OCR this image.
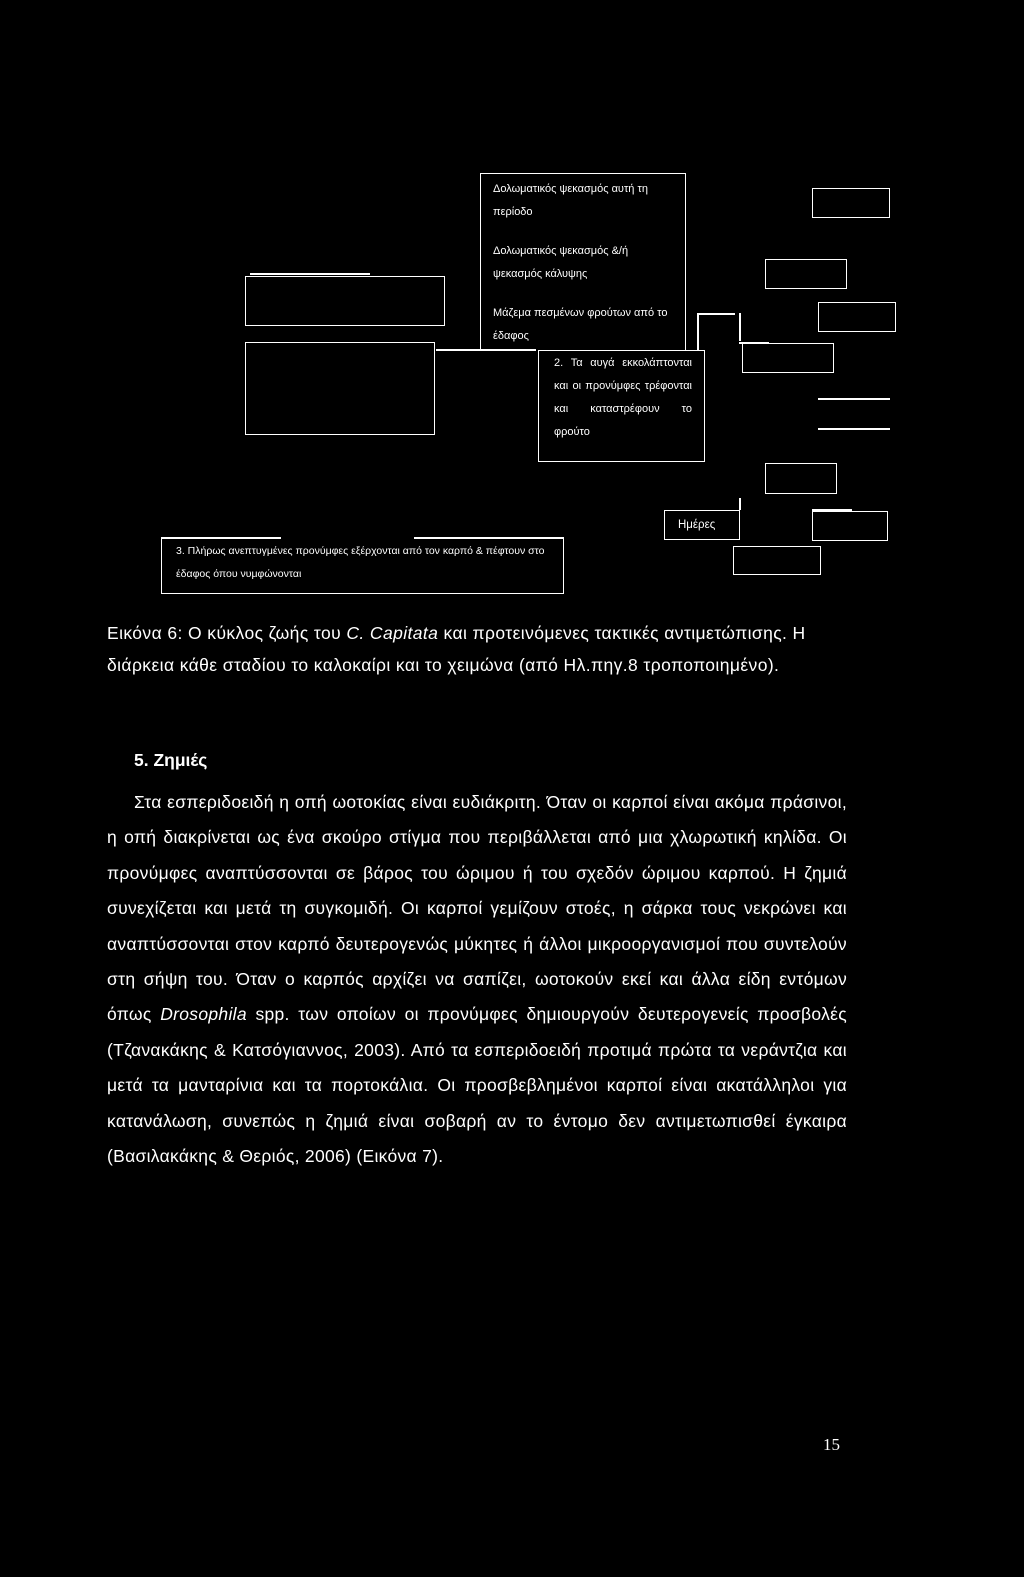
Δολωματικός ψεκασμός αυτή τη περίοδο
Δολωματικός ψεκασμός &/ή ψεκασμός κάλυψης
Μάζεμα πεσμένων φρούτων από το έδαφος
2. Τα αυγά εκκολάπτονται και οι προνύμφες τρέφονται και καταστρέφουν το φρούτο
3. Πλήρως ανεπτυγμένες προνύμφες εξέρχονται από τον καρπό & πέφτουν στο έδαφος όπου νυμφώνονται
Ημέρες
Εικόνα 6: Ο κύκλος ζωής του C. Capitata και προτεινόμενες τακτικές αντιμετώπισης. Η διάρκεια κάθε σταδίου το καλοκαίρι και το χειμώνα (από Ηλ.πηγ.8 τροποποιημένο).
5. Ζημιές
Στα εσπεριδοειδή η οπή ωοτοκίας είναι ευδιάκριτη. Όταν οι καρποί είναι ακόμα πράσινοι, η οπή διακρίνεται ως ένα σκούρο στίγμα που περιβάλλεται από μια χλωρωτική κηλίδα. Οι προνύμφες αναπτύσσονται σε βάρος του ώριμου ή του σχεδόν ώριμου καρπού. Η ζημιά συνεχίζεται και μετά τη συγκομιδή. Οι καρποί γεμίζουν στοές, η σάρκα τους νεκρώνει και αναπτύσσονται στον καρπό δευτερογενώς μύκητες ή άλλοι μικροοργανισμοί που συντελούν στη σήψη του. Όταν ο καρπός αρχίζει να σαπίζει, ωοτοκούν εκεί και άλλα είδη εντόμων όπως Drosophila spp. των οποίων οι προνύμφες δημιουργούν δευτερογενείς προσβολές (Τζανακάκης & Κατσόγιαννος, 2003). Από τα εσπεριδοειδή προτιμά πρώτα τα νεράντζια και μετά τα μανταρίνια και τα πορτοκάλια. Οι προσβεβλημένοι καρποί είναι ακατάλληλοι για κατανάλωση, συνεπώς η ζημιά είναι σοβαρή αν το έντομο δεν αντιμετωπισθεί έγκαιρα (Βασιλακάκης & Θεριός, 2006) (Εικόνα 7).
15
